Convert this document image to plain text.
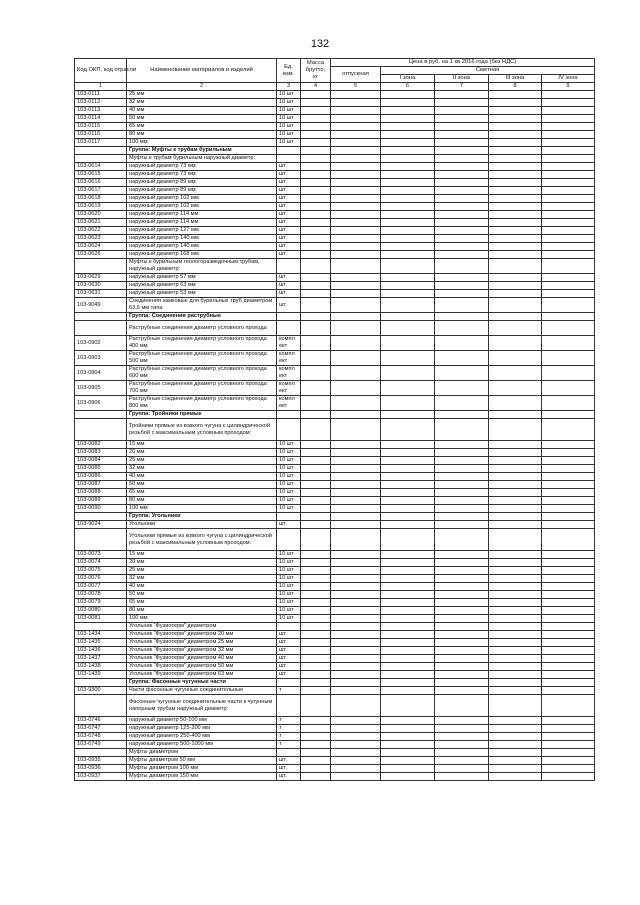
132
Код ОКП, код отрасли	Наименование материалов и изделий	Ед. изм.	Масса брутто, кг	Цена в руб. на 1 кв 2016 года (без НДС)				
				отпускная	Сметная			
					I зона	II зона	III зона	IV зона
1	2	3	4	5	6	7	8	9
103-0111	25 мм	10 шт.						
103-0112	32 мм	10 шт.						
103-0113	40 мм	10 шт.						
103-0114	50 мм	10 шт.						
103-0115	65 мм	10 шт.						
103-0116	80 мм	10 шт.						
103-0117	100 мм	10 шт.						
	Группа: Муфты к трубам бурильным							
	Муфты к трубам бурильным наружный диаметр:							
103-0614	наружный диаметр 73 мм	шт.						
103-0615	наружный диаметр 73 мм	шт.						
103-0616	наружный диаметр 89 мм	шт.						
103-0617	наружный диаметр 89 мм	шт.						
103-0618	наружный диаметр 102 мм	шт.						
103-0619	наружный диаметр 102 мм	шт.						
103-0620	наружный диаметр 114 мм	шт.						
103-0621	наружный диаметр 114 мм	шт.						
103-0622	наружный диаметр 127 мм	шт.						
103-0623	наружный диаметр 140 мм	шт.						
103-0624	наружный диаметр 140 мм	шт.						
103-0626	наружный диаметр 168 мм	шт.						
	Муфты к бурильным геологоразведочным трубам, наружный диаметр:							
103-0629	наружный диаметр 57 мм	шт.						
103-0630	наружный диаметр 63 мм	шт.						
103-0631	наружный диаметр 53 мм	шт.						
103-9049	Соединения замковые для бурильных труб диаметром 63,5 мм типа	шт.						
	Группа: Соединения раструбные							
	Раструбные соединения диаметр условного прохода							
103-0902	Раструбные соединения диаметр условного прохода 400 мм	компл ект						
103-0903	Раструбные соединения диаметр условного прохода 500 мм	компл ект						
103-0904	Раструбные соединения диаметр условного прохода 600 мм	компл ект						
103-0905	Раструбные соединения диаметр условного прохода 700 мм	компл ект						
103-0906	Раструбные соединения диаметр условного прохода 800 мм	компл ект						
	Группа: Тройники прямые							
	Тройники прямые из ковкого чугуна с цилиндрической резьбой с максимальным условным проходом:							
103-0082	15 мм	10 шт.						
103-0083	20 мм	10 шт.						
103-0084	25 мм	10 шт.						
103-0085	32 мм	10 шт.						
103-0086	40 мм	10 шт.						
103-0087	50 мм	10 шт.						
103-0088	65 мм	10 шт.						
103-0089	80 мм	10 шт.						
103-0090	100 мм	10 шт.						
	Группа: Угольники							
103-9024	Угольники	шт.						
	Угольники прямые из ковкого чугуна с цилиндрической резьбой с максимальным условным проходом:							
103-0073	15 мм	10 шт.						
103-0074	20 мм	10 шт.						
103-0075	25 мм	10 шт.						
103-0076	32 мм	10 шт.						
103-0077	40 мм	10 шт.						
103-0078	50 мм	10 шт.						
103-0079	65 мм	10 шт.						
103-0080	80 мм	10 шт.						
103-0081	100 мм	10 шт.						
	Угольник "Фузиотерм" диаметром							
103-1434	Угольник "Фузиотерм" диаметром 20 мм	шт.						
103-1435	Угольник "Фузиотерм" диаметром 25 мм	шт.						
103-1436	Угольник "Фузиотерм" диаметром 32 мм	шт.						
103-1437	Угольник "Фузиотерм" диаметром 40 мм	шт.						
103-1438	Угольник "Фузиотерм" диаметром 50 мм	шт.						
103-1439	Угольник "Фузиотерм" диаметром 63 мм	шт.						
	Группа: Фасонные чугунные части							
103-9300	Части фасонные чугунные соединительные	т						
	Фасонные чугунные соединительные части к чугунным напорным трубам наружный диаметр:							
103-0746	наружный диаметр 50-100 мм	т						
103-0747	наружный диаметр 125-200 мм	т						
103-0748	наружный диаметр 250-400 мм	т						
103-0749	наружный диаметр 500-1000 мм	т						
	Муфты диаметром							
103-0935	Муфты диаметром 50 мм	шт.						
103-0936	Муфты диаметром 100 мм	шт.						
103-0937	Муфты диаметром 150 мм	шт.						
